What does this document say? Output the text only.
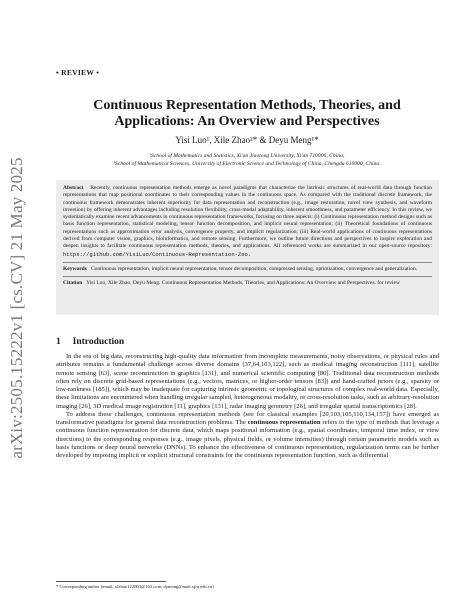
arXiv:2505.15222v1 [cs.CV] 21 May 2025
• REVIEW •
Continuous Representation Methods, Theories, and Applications: An Overview and Perspectives
Yisi Luo¹, Xile Zhao²* & Deyu Meng¹*
¹School of Mathematics and Statistics, Xi'an Jiaotong University, Xi'an 710000, China;
²School of Mathematical Sciences, University of Electronic Science and Technology of China, Chengdu 610000, China.
Abstract Recently, continuous representation methods emerge as novel paradigms that characterize the intrinsic structures of real-world data through function representations that map positional coordinates to their corresponding values in the continuous space. As compared with the traditional discrete framework, the continuous framework demonstrates inherent superiority for data representation and reconstruction (e.g., image restoration, novel view synthesis, and waveform inversion) by offering inherent advantages including resolution flexibility, cross-modal adaptability, inherent smoothness, and parameter efficiency. In this review, we systematically examine recent advancements in continuous representation frameworks, focusing on three aspects: (i) Continuous representation method designs such as basis function representation, statistical modeling, tensor function decomposition, and implicit neural representation; (ii) Theoretical foundations of continuous representations such as approximation error analysis, convergence property, and implicit regularization; (iii) Real-world applications of continuous representations derived from computer vision, graphics, bioinformatics, and remote sensing. Furthermore, we outline future directions and perspectives to inspire exploration and deepen insights to facilitate continuous representation methods, theories, and applications. All referenced works are summarized in our open-source repository: https://github.com/YisiLuo/Continuous-Representation-Zoo.
Keywords Continuous representation, implicit neural representation, tensor decomposition, compressed sensing, optimization, convergence and generalization.
Citation Yisi Luo, Xile Zhao, Deyu Meng. Continuous Representation Methods, Theories, and Applications: An Overview and Perspectives. for review
1 Introduction

In the era of big data, reconstructing high-quality data information from incomplete measurements, noisy observations, or physical rules and attributes remains a fundamental challenge across diverse domains [37,64,103,122], such as medical imaging reconstruction [111], satellite remote sensing [63], scene reconstruction in graphics [131], and numerical scientific computing [80]. Traditional data reconstruction methods often rely on discrete grid-based representations (e.g., vectors, matrices, or higher-order tensors [83]) and hand-crafted priors (e.g., sparsity or low-rankness [185]), which may be inadequate for capturing intrinsic geometric or topological structures of complex real-world data. Especially, these limitations are encountered when handling irregular sampled, heterogeneous modality, or cross-resolution tasks, such as arbitrary-resolution imaging [26], 3D medical image registration [11], graphics [131], radar imaging geometry [26], and irregular spatial transcriptomics [28].

To address these challenges, continuous representation methods (see for classical examples [20,103,105,110,134,157]) have emerged as transformative paradigms for general data reconstruction problems. The continuous representation refers to the type of methods that leverage a continuous function representation for discrete data, which maps positional information (e.g., spatial coordinates, temporal time index, or view directions) to the corresponding responses (e.g., image pixels, physical fields, or volume intensities) through certain parametric models such as basis functions or deep neural networks (DNNs). To enhance the effectiveness of continuous representation, regularization terms can be further developed by imposing implicit or explicit structural constraints for the continuous representation function, such as differential

* Corresponding author (email: xlzhao122003@163.com, dymeng@mail.xjtu.edu.cn)
